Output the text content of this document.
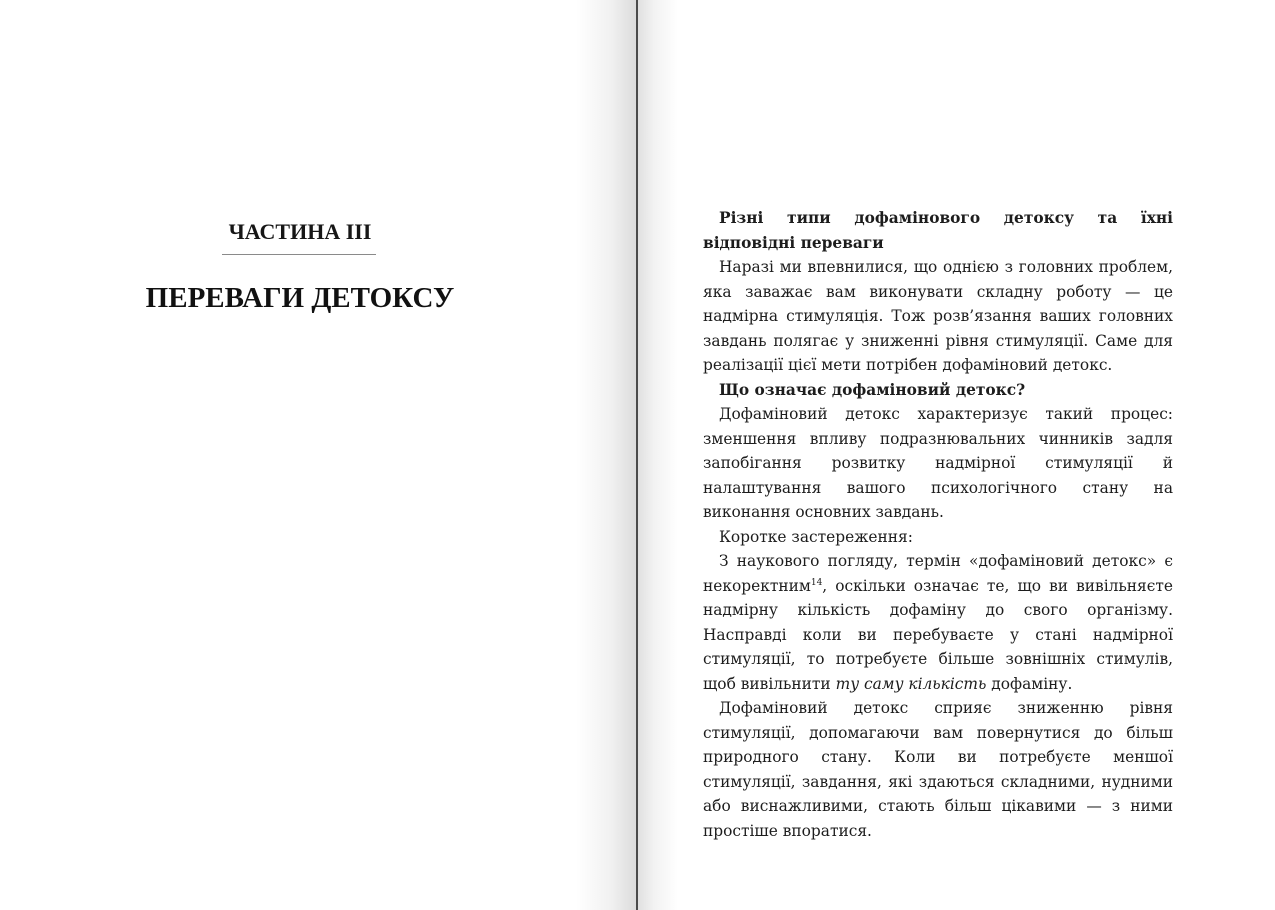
ЧАСТИНА III
ПЕРЕВАГИ ДЕТОКСУ

Різні типи дофамінового детоксу та їхні відповідні переваги

Наразі ми впевнилися, що однією з головних проблем, яка заважає вам виконувати складну роботу — це надмірна стимуляція. Тож розв’язання ваших головних завдань полягає у зниженні рівня стимуляції. Саме для реалізації цієї мети потрібен дофаміновий детокс.

Що означає дофаміновий детокс?

Дофаміновий детокс характеризує такий процес: зменшення впливу подразнювальних чинників задля запобігання розвитку надмірної стимуляції й налаштування вашого психологічного стану на виконання основних завдань.

Коротке застереження:

З наукового погляду, термін «дофаміновий детокс» є некоректним$^{14}$, оскільки означає те, що ви вивільняєте надмірну кількість дофаміну до свого організму. Насправді коли ви перебуваєте у стані надмірної стимуляції, то потребуєте більше зовнішніх стимулів, щоб вивільнити ту саму кількість дофаміну.

Дофаміновий детокс сприяє зниженню рівня стимуляції, допомагаючи вам повернутися до більш природного стану. Коли ви потребуєте меншої стимуляції, завдання, які здаються складними, нудними або виснажливими, стають більш цікавими — з ними простіше впоратися.
